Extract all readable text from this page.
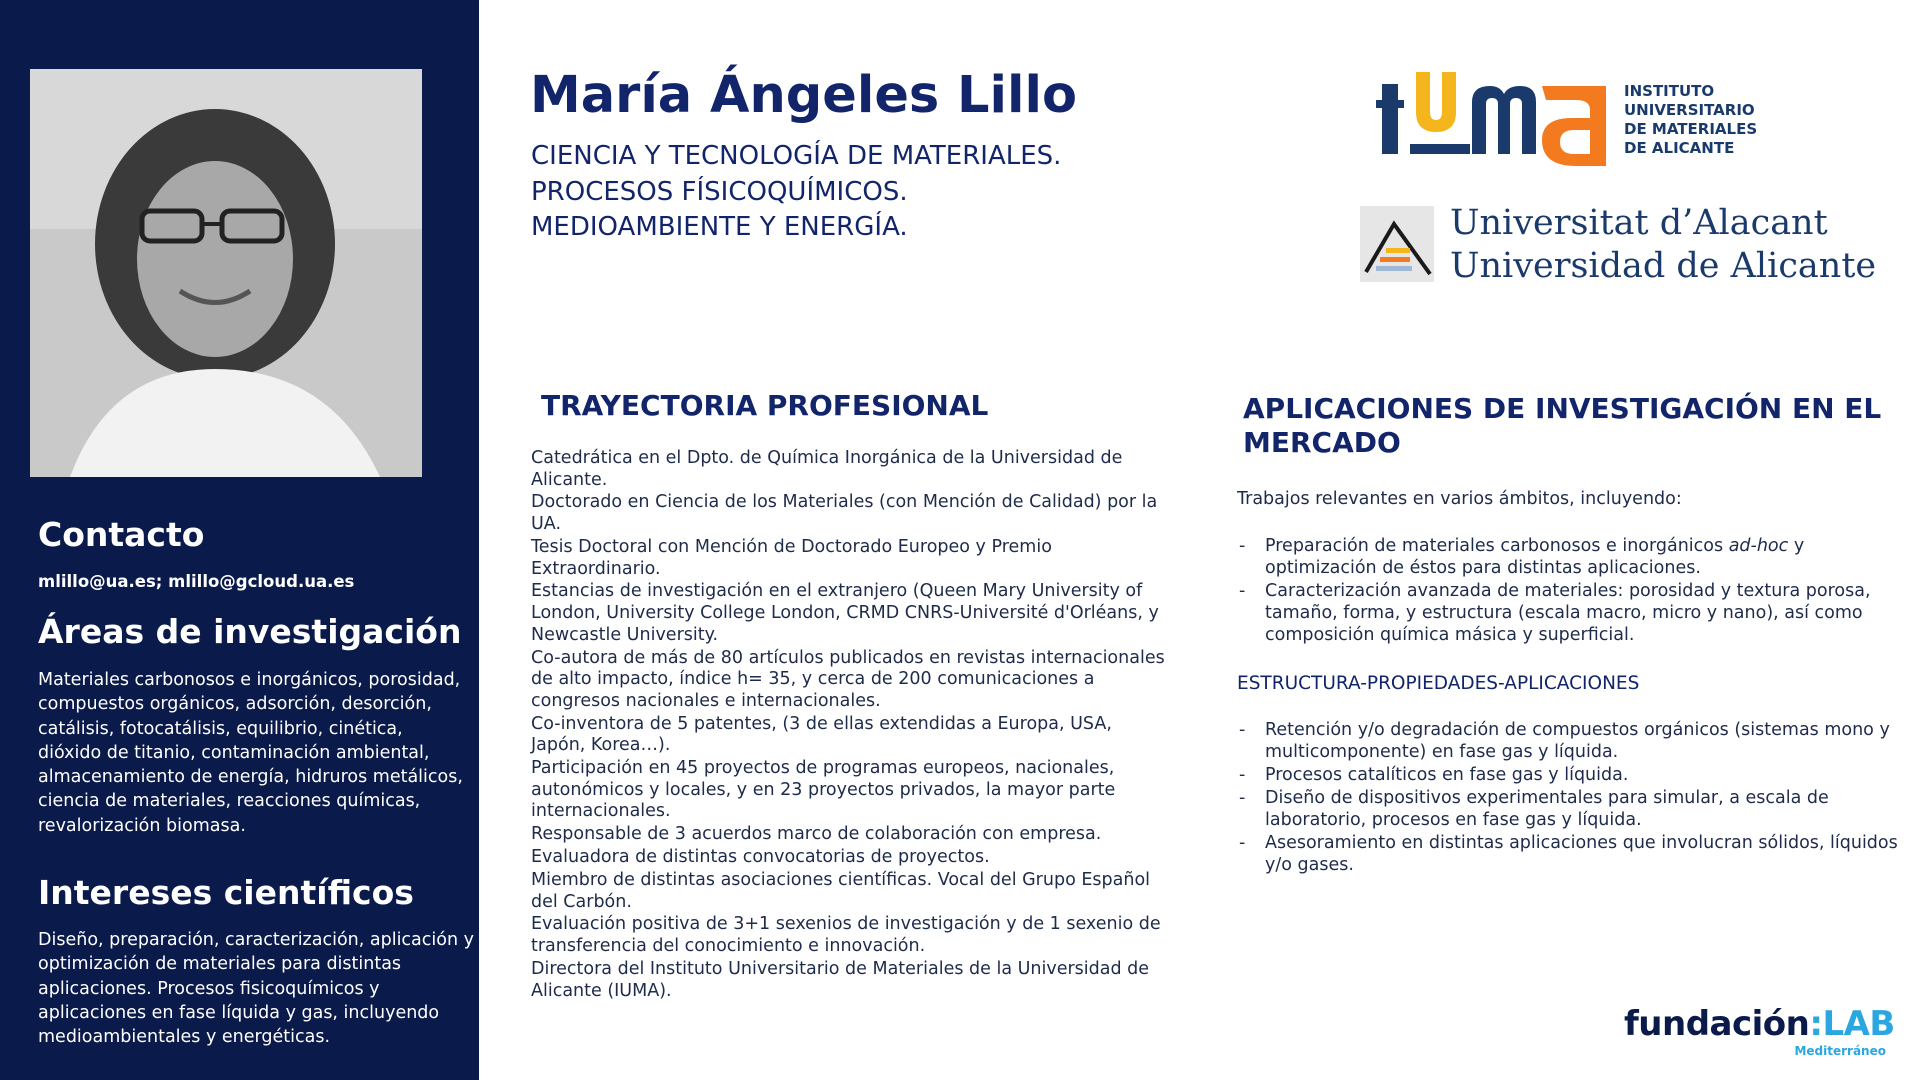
Contacto
mlillo@ua.es; mlillo@gcloud.ua.es
Áreas de investigación
Materiales carbonosos e inorgánicos, porosidad, compuestos orgánicos, adsorción, desorción, catálisis, fotocatálisis, equilibrio, cinética, dióxido de titanio, contaminación ambiental, almacenamiento de energía, hidruros metálicos, ciencia de materiales, reacciones químicas, revalorización biomasa.
Intereses científicos
Diseño, preparación, caracterización, aplicación y optimización de materiales para distintas aplicaciones. Procesos fisicoquímicos y aplicaciones en fase líquida y gas, incluyendo medioambientales y energéticas.
María Ángeles Lillo
CIENCIA Y TECNOLOGÍA DE MATERIALES.
PROCESOS FÍSICOQUÍMICOS.
MEDIOAMBIENTE Y ENERGÍA.
INSTITUTO
UNIVERSITARIO
DE MATERIALES
DE ALICANTE
Universitat d’Alacant
Universidad de Alicante
TRAYECTORIA PROFESIONAL
Catedrática en el Dpto. de Química Inorgánica de la Universidad de Alicante.
Doctorado en Ciencia de los Materiales (con Mención de Calidad) por la UA.
Tesis Doctoral con Mención de Doctorado Europeo y Premio Extraordinario.
Estancias de investigación en el extranjero (Queen Mary University of London, University College London, CRMD CNRS-Université d'Orléans, y Newcastle University.
Co-autora de más de 80 artículos publicados en revistas internacionales de alto impacto, índice h= 35, y cerca de 200 comunicaciones a congresos nacionales e internacionales.
Co-inventora de 5 patentes, (3 de ellas extendidas a Europa, USA, Japón, Korea…).
Participación en 45 proyectos de programas europeos, nacionales, autonómicos y locales, y en 23 proyectos privados, la mayor parte internacionales.
Responsable de 3 acuerdos marco de colaboración con empresa.
Evaluadora de distintas convocatorias de proyectos.
Miembro de distintas asociaciones científicas. Vocal del Grupo Español del Carbón.
Evaluación positiva de 3+1 sexenios de investigación y de 1 sexenio de transferencia del conocimiento e innovación.
Directora del Instituto Universitario de Materiales de la Universidad de Alicante (IUMA).
APLICACIONES DE INVESTIGACIÓN EN EL
MERCADO
Trabajos relevantes en varios ámbitos, incluyendo:
- Preparación de materiales carbonosos e inorgánicos ad-hoc y optimización de éstos para distintas aplicaciones.
- Caracterización avanzada de materiales: porosidad y textura porosa, tamaño, forma, y estructura (escala macro, micro y nano), así como composición química másica y superficial.
ESTRUCTURA-PROPIEDADES-APLICACIONES
- Retención y/o degradación de compuestos orgánicos (sistemas mono y multicomponente) en fase gas y líquida.
- Procesos catalíticos en fase gas y líquida.
- Diseño de dispositivos experimentales para simular, a escala de laboratorio, procesos en fase gas y líquida.
- Asesoramiento en distintas aplicaciones que involucran sólidos, líquidos y/o gases.
fundación:LAB
Mediterráneo
